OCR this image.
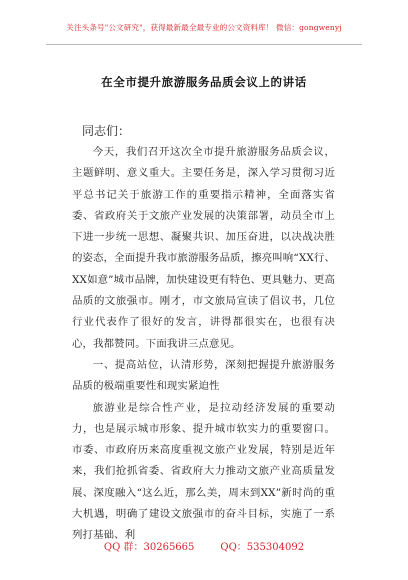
关注头条号"公文研究"，获得最新最全最专业的公文资料库！ 微信：gongwenyj
在全市提升旅游服务品质会议上的讲话
同志们：

今天，我们召开这次全市提升旅游服务品质会议，主题鲜明、意义重大。主要任务是，深入学习贯彻习近平总书记关于旅游工作的重要指示精神，全面落实省委、省政府关于文旅产业发展的决策部署，动员全市上下进一步统一思想、凝聚共识、加压奋进，以决战决胜的姿态，全面提升我市旅游服务品质，擦亮叫响“XX行、XX如意”城市品牌，加快建设更有特色、更具魅力、更高品质的文旅强市。刚才，市文旅局宣读了倡议书，几位行业代表作了很好的发言，讲得都很实在，也很有决心，我都赞同。下面我讲三点意见。

一、提高站位，认清形势，深刻把握提升旅游服务品质的极端重要性和现实紧迫性

旅游业是综合性产业，是拉动经济发展的重要动力，也是展示城市形象、提升城市软实力的重要窗口。市委、市政府历来高度重视文旅产业发展，特别是近年来，我们抢抓省委、省政府大力推动文旅产业高质量发展、深度融入“这么近，那么美，周末到XX”新时尚的重大机遇，明确了建设文旅强市的奋斗目标，实施了一系列打基础、利

QQ 群：30265665	QQ：535304092
